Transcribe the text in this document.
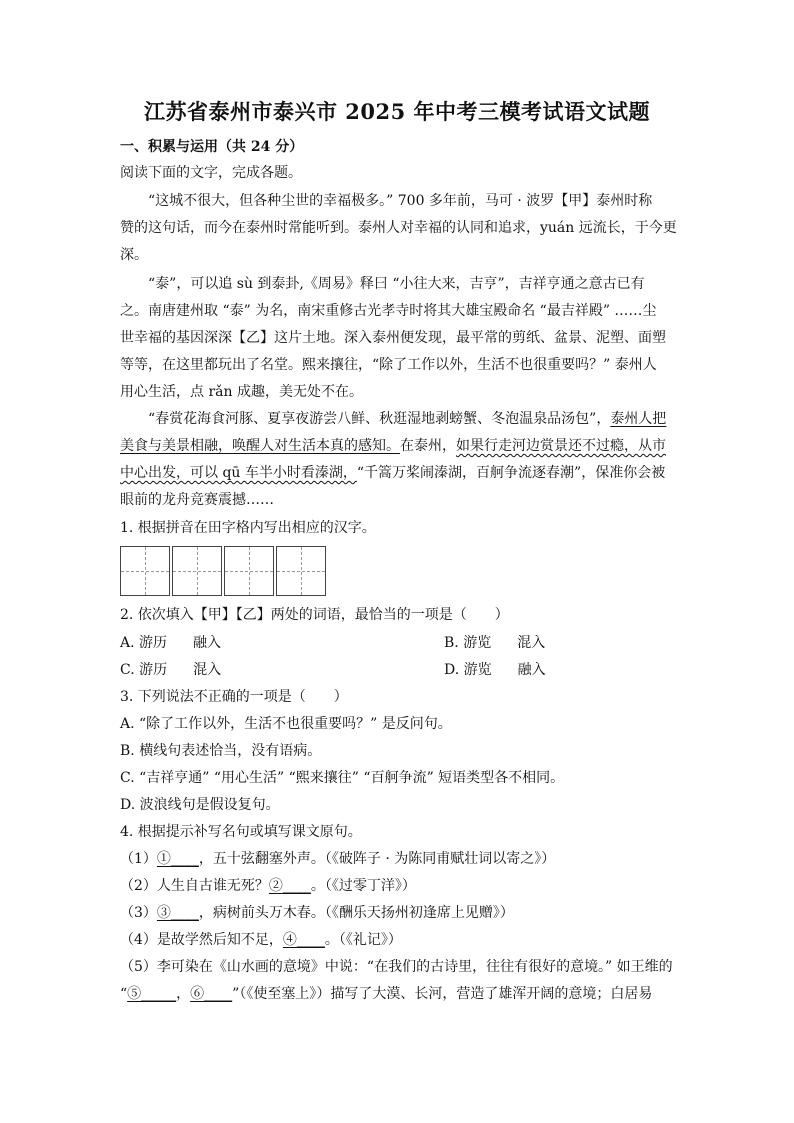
江苏省泰州市泰兴市 2025 年中考三模考试语文试题
一、积累与运用（共 24 分）
阅读下面的文字，完成各题。
“这城不很大，但各种尘世的幸福极多。” 700 多年前，马可 · 波罗【甲】泰州时称
赞的这句话，而今在泰州时常能听到。泰州人对幸福的认同和追求，yuán 远流长，于今更
深。
“泰”，可以追 sù 到泰卦,《周易》释曰 “小往大来，吉亨”，吉祥亨通之意古已有
之。南唐建州取 “泰” 为名，南宋重修古光孝寺时将其大雄宝殿命名 “最吉祥殿” ……尘
世幸福的基因深深【乙】这片土地。深入泰州便发现，最平常的剪纸、盆景、泥塑、面塑
等等，在这里都玩出了名堂。熙来攘往，“除了工作以外，生活不也很重要吗？” 泰州人
用心生活，点 rǎn 成趣，美无处不在。
“春赏花海食河豚、夏享夜游尝八鲜、秋逛湿地剥螃蟹、冬泡温泉品汤包”，泰州人把
美食与美景相融，唤醒人对生活本真的感知。在泰州，如果行走河边赏景还不过瘾，从市
中心出发，可以 qū 车半小时看溱湖，“千篙万桨闹溱湖，百舸争流逐春潮”，保准你会被
眼前的龙舟竞赛震撼……
1. 根据拼音在田字格内写出相应的汉字。
2. 依次填入【甲】【乙】两处的词语，最恰当的一项是（　　）
A. 游历 融入	B. 游览 混入
C. 游历 混入	D. 游览 融入
3. 下列说法不正确的一项是（　　）
A. “除了工作以外，生活不也很重要吗？” 是反问句。
B. 横线句表述恰当，没有语病。
C. “吉祥亨通” “用心生活” “熙来攘往” “百舸争流” 短语类型各不相同。
D. 波浪线句是假设复句。
4. 根据提示补写名句或填写课文原句。
（1）①____，五十弦翻塞外声。（《破阵子 · 为陈同甫赋壮词以寄之》）
（2）人生自古谁无死？②____。（《过零丁洋》）
（3）③____，病树前头万木春。（《酬乐天扬州初逢席上见赠》）
（4）是故学然后知不足，④____。（《礼记》）
（5）李可染在《山水画的意境》中说：“在我们的古诗里，往往有很好的意境。” 如王维的
“⑤_____，⑥____”（《使至塞上》）描写了大漠、长河，营造了雄浑开阔的意境；白居易
